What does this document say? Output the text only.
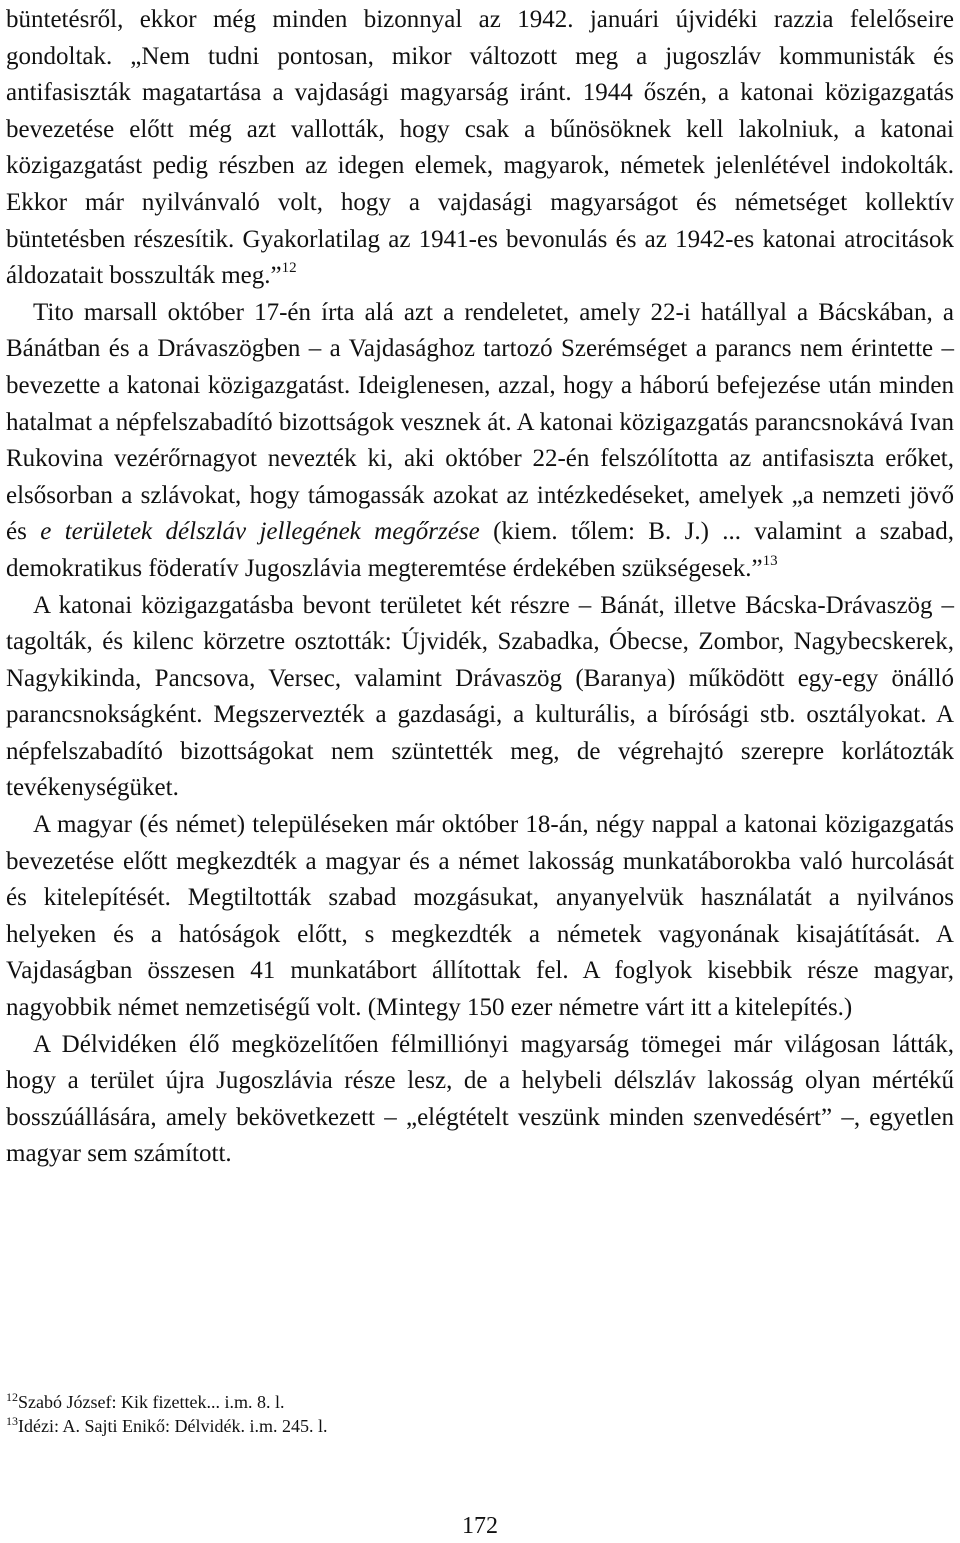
büntetésről, ekkor még minden bizonnyal az 1942. januári újvidéki razzia felelőseire gondoltak. „Nem tudni pontosan, mikor változott meg a jugoszláv kommunisták és antifasiszták magatartása a vajdasági magyarság iránt. 1944 őszén, a katonai közigazgatás bevezetése előtt még azt vallották, hogy csak a bűnösöknek kell lakolniuk, a katonai közigazgatást pedig részben az idegen elemek, magyarok, németek jelenlétével indokolták. Ekkor már nyilvánvaló volt, hogy a vajdasági magyarságot és németséget kollektív büntetésben részesítik. Gyakorlatilag az 1941-es bevonulás és az 1942-es katonai atrocitások áldozatait bosszulták meg.”$^{12}$

Tito marsall október 17-én írta alá azt a rendeletet, amely 22-i hatállyal a Bácskában, a Bánátban és a Drávaszögben – a Vajdasághoz tartozó Szerémséget a parancs nem érintette – bevezette a katonai közigazgatást. Ideiglenesen, azzal, hogy a háború befejezése után minden hatalmat a népfelszabadító bizottságok vesznek át. A katonai közigazgatás parancsnokává Ivan Rukovina vezérőrnagyot nevezték ki, aki október 22-én felszólította az antifasiszta erőket, elsősorban a szlávokat, hogy támogassák azokat az intézkedéseket, amelyek „a nemzeti jövő és e területek délszláv jellegének megőrzése (kiem. tőlem: B. J.) ... valamint a szabad, demokratikus föderatív Jugoszlávia megteremtése érdekében szükségesek.”$^{13}$

A katonai közigazgatásba bevont területet két részre – Bánát, illetve Bácska-Drávaszög – tagolták, és kilenc körzetre osztották: Újvidék, Szabadka, Óbecse, Zombor, Nagybecskerek, Nagykikinda, Pancsova, Versec, valamint Drávaszög (Baranya) működött egy-egy önálló parancsnokságként. Megszervezték a gazdasági, a kulturális, a bírósági stb. osztályokat. A népfelszabadító bizottságokat nem szüntették meg, de végrehajtó szerepre korlátozták tevékenységüket.

A magyar (és német) településeken már október 18-án, négy nappal a katonai közigazgatás bevezetése előtt megkezdték a magyar és a német lakosság munkatáborokba való hurcolását és kitelepítését. Megtiltották szabad mozgásukat, anyanyelvük használatát a nyilvános helyeken és a hatóságok előtt, s megkezdték a németek vagyonának kisajátítását. A Vajdaságban összesen 41 munkatábort állítottak fel. A foglyok kisebbik része magyar, nagyobbik német nemzetiségű volt. (Mintegy 150 ezer németre várt itt a kitelepítés.)

A Délvidéken élő megközelítően félmilliónyi magyarság tömegei már világosan látták, hogy a terület újra Jugoszlávia része lesz, de a helybeli délszláv lakosság olyan mértékű bosszúállására, amely bekövetkezett – „elégtételt veszünk minden szenvedésért” –, egyetlen magyar sem számított.

$^{12}$Szabó József: Kik fizettek... i.m. 8. l.
$^{13}$Idézi: A. Sajti Enikő: Délvidék. i.m. 245. l.
172
